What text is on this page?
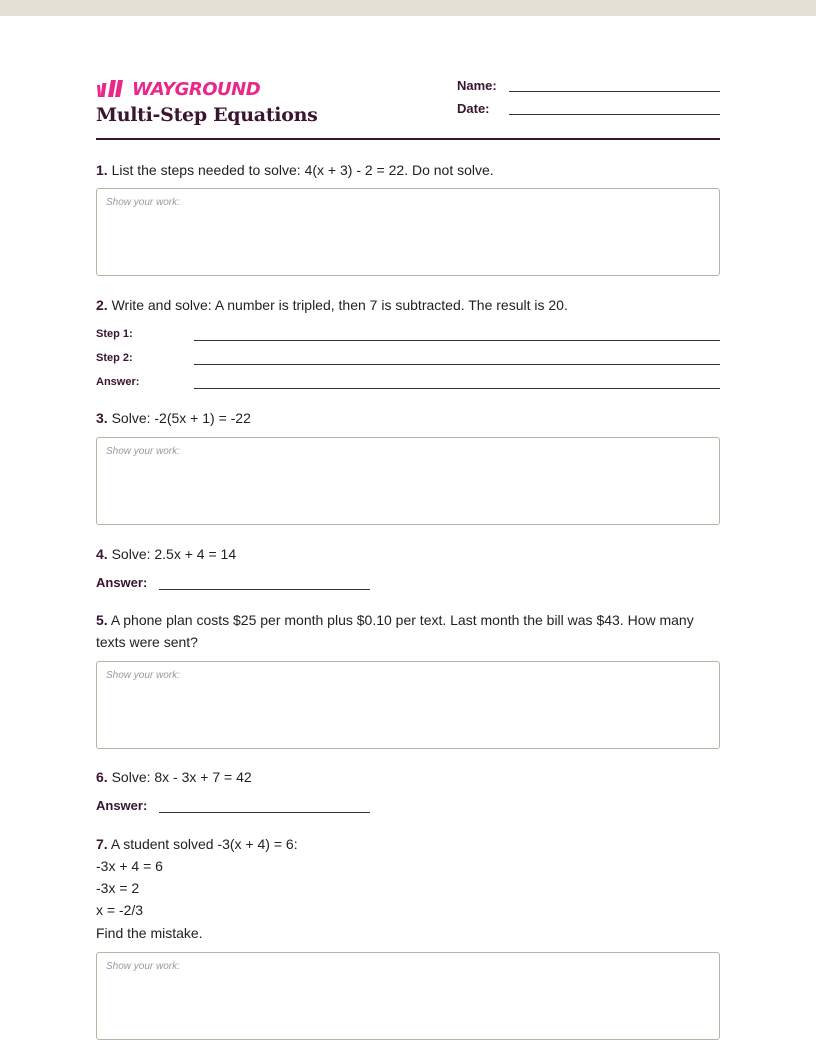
WAYGROUND
Multi-Step Equations
Name:
Date:
1. List the steps needed to solve: 4(x + 3) - 2 = 22. Do not solve.
Show your work:
2. Write and solve: A number is tripled, then 7 is subtracted. The result is 20.
Step 1:
Step 2:
Answer:
3. Solve: -2(5x + 1) = -22
Show your work:
4. Solve: 2.5x + 4 = 14
Answer:
5. A phone plan costs $25 per month plus $0.10 per text. Last month the bill was $43. How many texts were sent?
Show your work:
6. Solve: 8x - 3x + 7 = 42
Answer:
7. A student solved -3(x + 4) = 6:
-3x + 4 = 6
-3x = 2
x = -2/3
Find the mistake.
Show your work:
